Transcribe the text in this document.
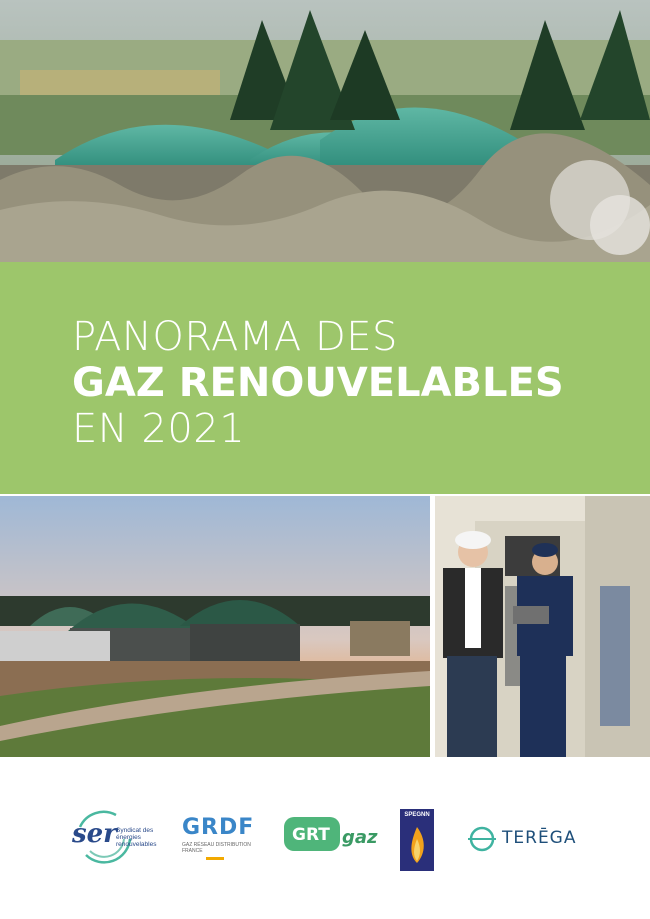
PANORAMA DES
GAZ RENOUVELABLES
EN 2021
ser Syndicat des énergies renouvelables
GRDF
GAZ RÉSEAU DISTRIBUTION FRANCE
GRT gaz
SPEGNN
TERĒGA
